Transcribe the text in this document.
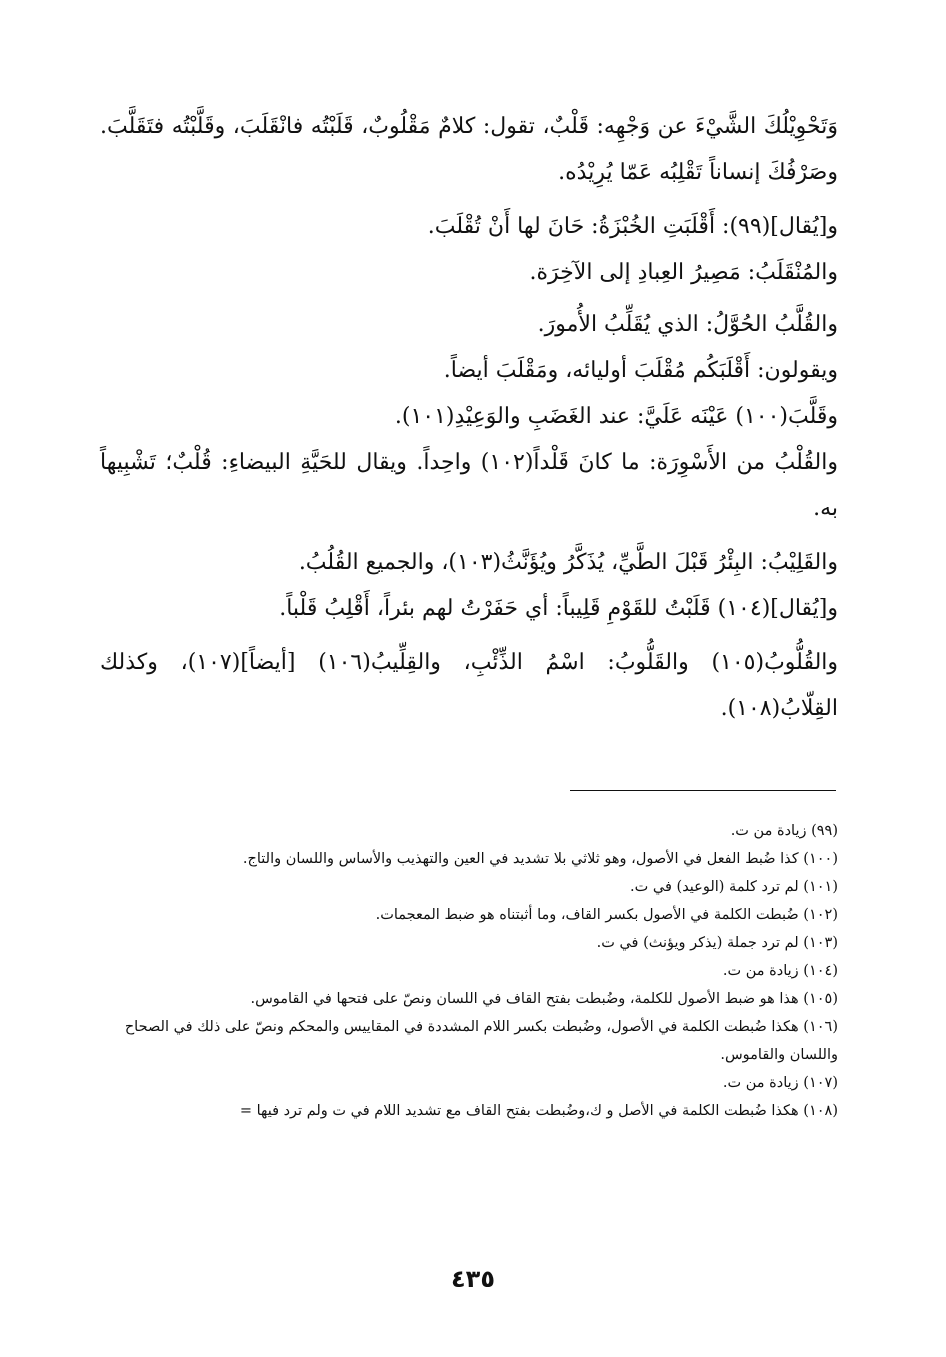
وَتَحْوِيْلُكَ الشَّيْءَ عن وَجْهِه: قَلْبٌ، تقول: كلامٌ مَقْلُوبٌ، قَلَبْتُه فانْقَلَبَ، وقَلَّبْتُه فتَقَلَّبَ. وصَرْفُكَ إنساناً تَقْلِبُه عَمّا يُرِيْدُه.

و[يُقال](٩٩): أَقْلَبَتِ الخُبْزَةُ: حَانَ لها أَنْ تُقْلَبَ.

والمُنْقَلَبُ: مَصِيرُ العِبادِ إلى الآخِرَة.

والقُلَّبُ الحُوَّلُ: الذي يُقَلِّبُ الأُمورَ.

ويقولون: أَقْلَبَكُم مُقْلَبَ أوليائه، ومَقْلَبَ أيضاً.

وقَلَّبَ(١٠٠) عَيْنَه عَلَيَّ: عند الغَضَبِ والوَعِيْدِ(١٠١).

والقُلْبُ من الأَسْوِرَة: ما كانَ قَلْداً(١٠٢) واحِداً. ويقال للحَيَّةِ البيضاءِ: قُلْبٌ؛ تَشْبِيهاً به.

والقَلِيْبُ: البِئْرُ قَبْلَ الطَّيِّ، يُذَكَّرُ ويُؤَنَّثُ(١٠٣)، والجميع القُلُبُ.

و[يُقال](١٠٤) قَلَبْتُ للقَوْمِ قَلِيباً: أي حَفَرْتُ لهم بئراً، أَقْلِبُ قَلْباً.

والقُلُّوبُ(١٠٥) والقَلُّوبُ: اسْمُ الذِّئْبِ، والقِلِّيبُ(١٠٦) [أيضاً](١٠٧)، وكذلك القِلّابُ(١٠٨).

(٩٩) زيادة من ت.

(١٠٠) كذا ضُبط الفعل في الأصول، وهو ثلاثي بلا تشديد في العين والتهذيب والأساس واللسان والتاج.

(١٠١) لم ترد كلمة (الوعيد) في ت.

(١٠٢) ضُبطت الكلمة في الأصول بكسر القاف، وما أثبتناه هو ضبط المعجمات.

(١٠٣) لم ترد جملة (يذكر ويؤنث) في ت.

(١٠٤) زيادة من ت.

(١٠٥) هذا هو ضبط الأصول للكلمة، وضُبطت بفتح القاف في اللسان ونصّ على فتحها في القاموس.

(١٠٦) هكذا ضُبطت الكلمة في الأصول، وضُبطت بكسر اللام المشددة في المقاييس والمحكم ونصّ على ذلك في الصحاح واللسان والقاموس.

(١٠٧) زيادة من ت.

(١٠٨) هكذا ضُبطت الكلمة في الأصل و ك،وضُبطت بفتح القاف مع تشديد اللام في ت ولم ترد فيها =

٤٣٥
